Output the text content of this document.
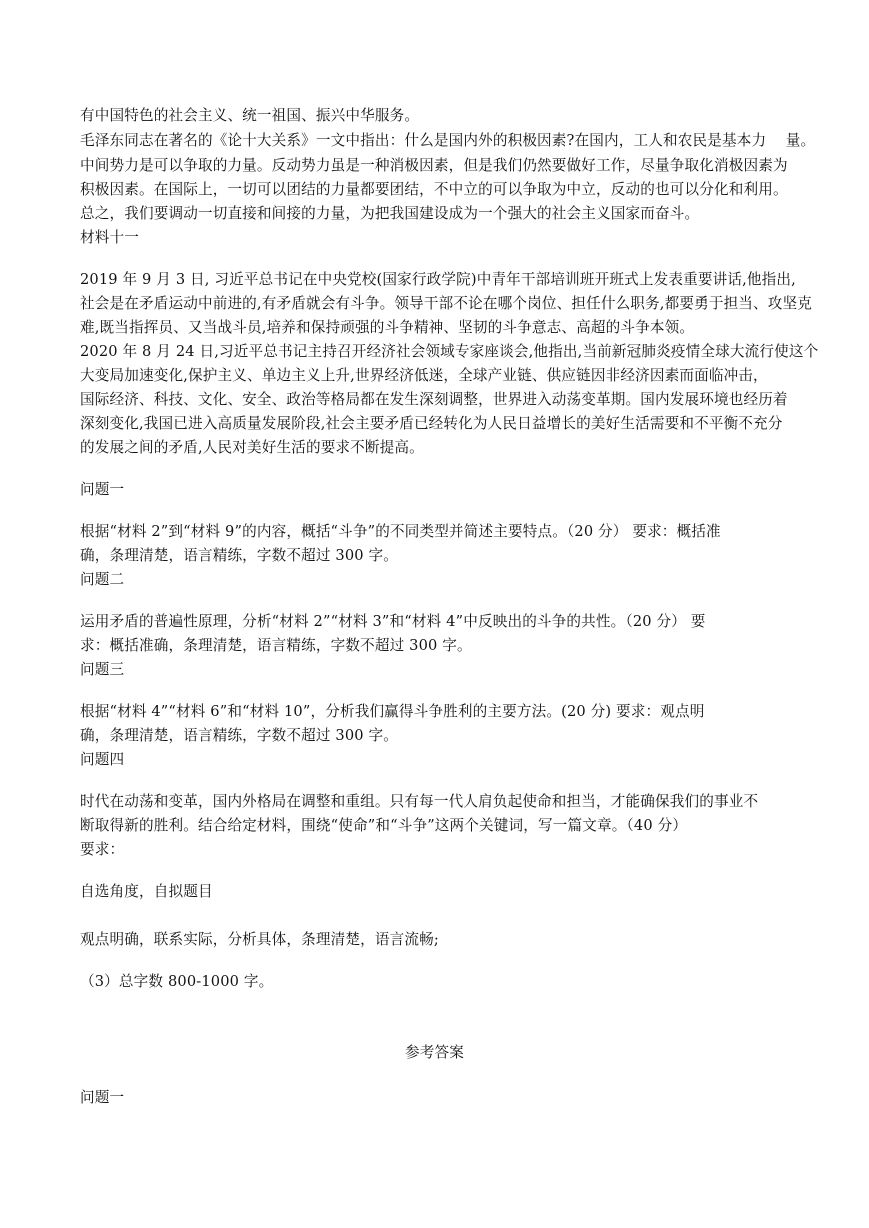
有中国特色的社会主义、统一祖国、振兴中华服务。
毛泽东同志在著名的《论十大关系》一文中指出：什么是国内外的积极因素?在国内，工人和农民是基本力　 量。
中间势力是可以争取的力量。反动势力虽是一种消极因素，但是我们仍然要做好工作，尽量争取化消极因素为
积极因素。在国际上，一切可以团结的力量都要团结，不中立的可以争取为中立，反动的也可以分化和利用。
总之，我们要调动一切直接和间接的力量，为把我国建设成为一个强大的社会主义国家而奋斗。
材料十一
2019 年 9 月 3 日, 习近平总书记在中央党校(国家行政学院)中青年干部培训班开班式上发表重要讲话,他指出,
社会是在矛盾运动中前进的,有矛盾就会有斗争。领导干部不论在哪个岗位、担任什么职务,都要勇于担当、攻坚克
难,既当指挥员、又当战斗员,培养和保持顽强的斗争精神、坚韧的斗争意志、高超的斗争本领。
2020 年 8 月 24 日,习近平总书记主持召开经济社会领域专家座谈会,他指出,当前新冠肺炎疫情全球大流行使这个
大变局加速变化,保护主义、单边主义上升,世界经济低迷，全球产业链、供应链因非经济因素而面临冲击，
国际经济、科技、文化、安全、政治等格局都在发生深刻调整，世界进入动荡变革期。国内发展环境也经历着
深刻变化,我国已进入高质量发展阶段,社会主要矛盾已经转化为人民日益增长的美好生活需要和不平衡不充分
的发展之间的矛盾,人民对美好生活的要求不断提高。
问题一
根据“材料 2”到“材料 9”的内容，概括“斗争”的不同类型并简述主要特点。（20 分） 要求：概括准
确，条理清楚，语言精练，字数不超过 300 字。
问题二
运用矛盾的普遍性原理，分析“材料 2”“材料 3”和“材料 4”中反映出的斗争的共性。（20 分） 要
求：概括准确，条理清楚，语言精练，字数不超过 300 字。
问题三
根据“材料 4”“材料 6”和“材料 10”，分析我们赢得斗争胜利的主要方法。(20 分) 要求：观点明
确，条理清楚，语言精练，字数不超过 300 字。
问题四
时代在动荡和变革，国内外格局在调整和重组。只有每一代人肩负起使命和担当，才能确保我们的事业不
断取得新的胜利。结合给定材料，围绕“使命”和“斗争”这两个关键词，写一篇文章。（40 分）
要求：
自选角度，自拟题目
观点明确，联系实际，分析具体，条理清楚，语言流畅;
（3）总字数 800-1000 字。
参考答案
问题一
